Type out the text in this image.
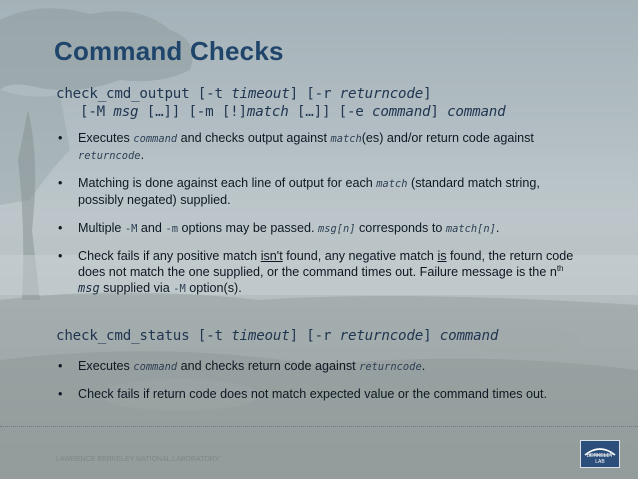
Command Checks
check_cmd_output [-t timeout] [-r returncode]
[-M msg […]] [-m [!]match […]] [-e command] command
• Executes command and checks output against match(es) and/or return code against returncode.
• Matching is done against each line of output for each match (standard match string, possibly negated) supplied.
• Multiple -M and -m options may be passed. msg[n] corresponds to match[n].
• Check fails if any positive match isn't found, any negative match is found, the return code does not match the one supplied, or the command times out. Failure message is the $n^{th}$ msg supplied via -M option(s).
check_cmd_status [-t timeout] [-r returncode] command
• Executes command and checks return code against returncode.
• Check fails if return code does not match expected value or the command times out.
LAWRENCE BERKELEY NATIONAL LABORATORY	BERKELEY LAB
